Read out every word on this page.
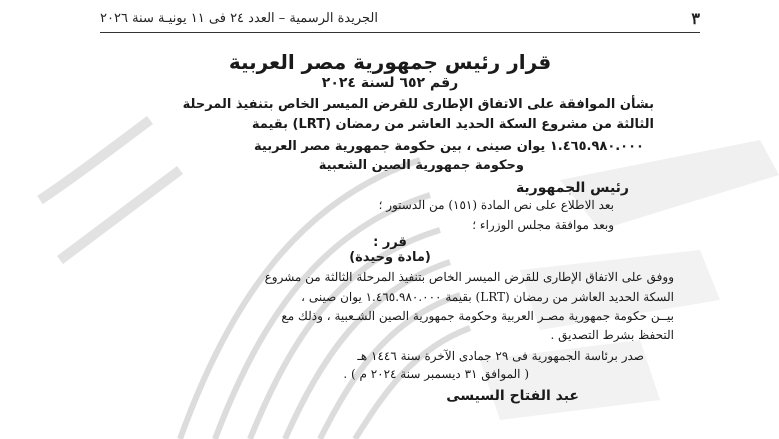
٣
الجريدة الرسمية – العدد ٢٤ فى ١١ يونيـة سنة ٢٠٢٦
قرار رئيس جمهورية مصر العربية
رقم ٦٥٢ لسنة ٢٠٢٤
بشأن الموافقة على الاتفاق الإطارى للقرض الميسر الخاص بتنفيذ المرحلة
الثالثة من مشروع السكة الحديد العاشر من رمضان (LRT) بقيمة
١.٤٦٥.٩٨٠.٠٠٠ يوان صينى ، بين حكومة جمهورية مصر العربية
وحكومة جمهورية الصين الشعبية
رئيس الجمهورية
بعد الاطلاع على نص المادة (١٥١) من الدستور ؛
وبعد موافقة مجلس الوزراء ؛
قرر :
(مادة وحيدة)
ووفق على الاتفاق الإطارى للقرض الميسر الخاص بتنفيذ المرحلة الثالثة من مشروع
السكة الحديد العاشر من رمضان (LRT) بقيمة ١.٤٦٥.٩٨٠.٠٠٠ يوان صينى ،
بيــن حكومة جمهورية مصـر العربية وحكومة جمهورية الصين الشـعبية ، وذلك مع
التحفظ بشرط التصديق .
صدر برئاسة الجمهورية فى ٢٩ جمادى الآخرة سنة ١٤٤٦ هـ
( الموافق ٣١ ديسمبر سنة ٢٠٢٤ م ) .
عبد الفتاح السيسى
